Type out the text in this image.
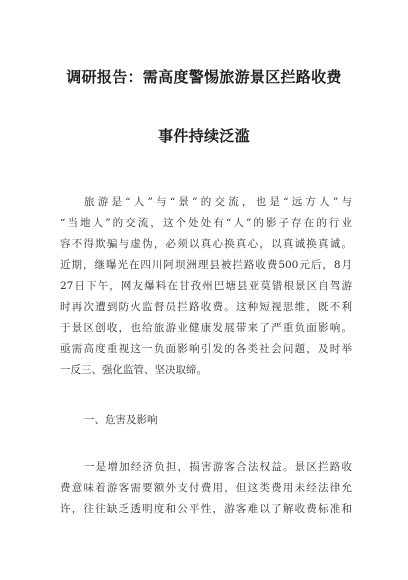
调研报告：需高度警惕旅游景区拦路收费
事件持续泛滥
旅游是“人”与“景”的交流，也是“远方人”与
“当地人”的交流，这个处处有“人”的影子存在的行业
容不得欺骗与虚伪，必须以真心换真心，以真诚换真诚。
近期，继曝光在四川阿坝洲理县被拦路收费500元后，8月
27日下午，网友爆料在甘孜州巴塘县亚莫错根景区自驾游
时再次遭到防火监督员拦路收费。这种短视思维，既不利
于景区创收，也给旅游业健康发展带来了严重负面影响。
亟需高度重视这一负面影响引发的各类社会问题，及时举
一反三、强化监管、坚决取缔。
一、危害及影响
一是增加经济负担，损害游客合法权益。景区拦路收
费意味着游客需要额外支付费用，但这类费用未经法律允
许，往往缺乏透明度和公平性，游客难以了解收费标准和
